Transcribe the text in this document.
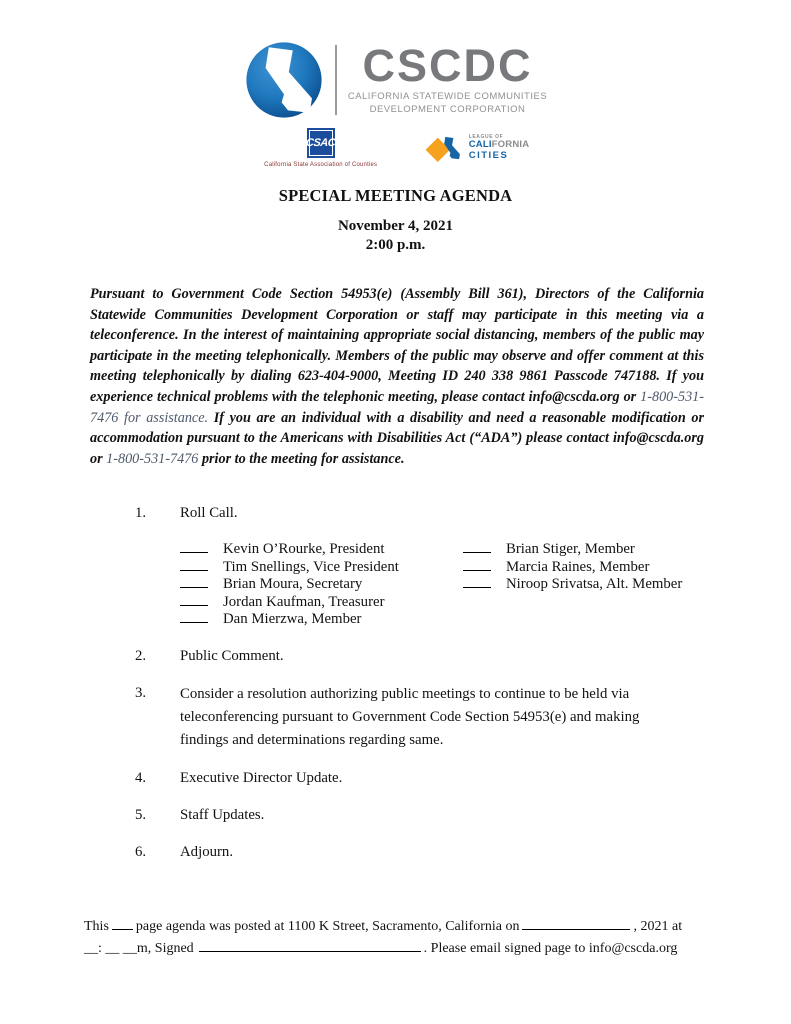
CSCDC
CALIFORNIA STATEWIDE COMMUNITIES
DEVELOPMENT CORPORATION
CSAC
California State Association of Counties
LEAGUE OF
CALIFORNIA
CITIES
SPECIAL MEETING AGENDA
November 4, 2021
2:00 p.m.

Pursuant to Government Code Section 54953(e) (Assembly Bill 361), Directors of the California Statewide Communities Development Corporation or staff may participate in this meeting via a teleconference. In the interest of maintaining appropriate social distancing, members of the public may participate in the meeting telephonically. Members of the public may observe and offer comment at this meeting telephonically by dialing 623-404-9000, Meeting ID 240 338 9861 Passcode 747188. If you experience technical problems with the telephonic meeting, please contact info@cscda.org or 1-800-531-7476 for assistance. If you are an individual with a disability and need a reasonable modification or accommodation pursuant to the Americans with Disabilities Act (“ADA”) please contact info@cscda.org or 1-800-531-7476 prior to the meeting for assistance.

1.	Roll Call.
Kevin O’Rourke, President
Tim Snellings, Vice President
Brian Moura, Secretary
Jordan Kaufman, Treasurer
Dan Mierzwa, Member
Brian Stiger, Member
Marcia Raines, Member
Niroop Srivatsa, Alt. Member
2.	Public Comment.
3.	Consider a resolution authorizing public meetings to continue to be held via teleconferencing pursuant to Government Code Section 54953(e) and making findings and determinations regarding same.
4.	Executive Director Update.
5.	Staff Updates.
6.	Adjourn.
This page agenda was posted at 1100 K Street, Sacramento, California on	, 2021 at
__: __ __m, Signed	. Please email signed page to info@cscda.org
